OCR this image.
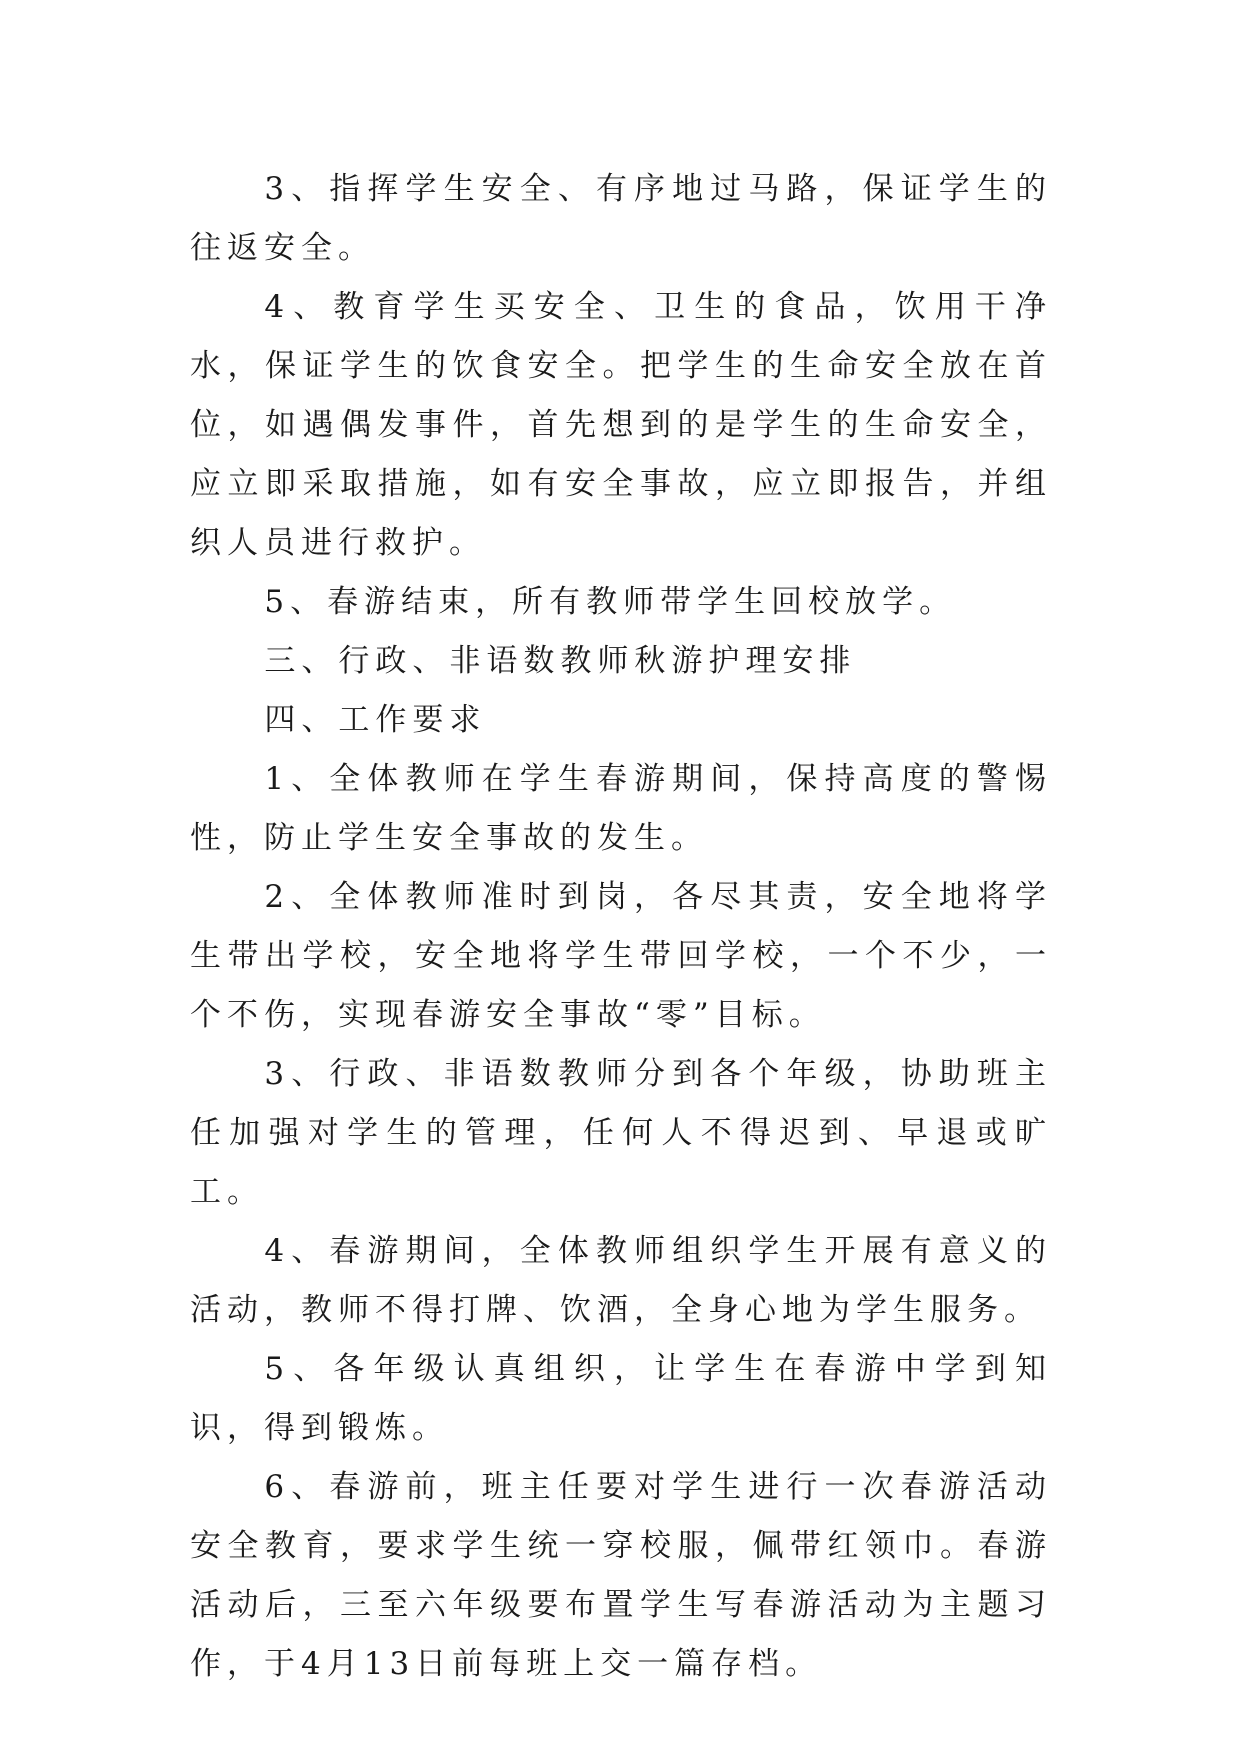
3、指挥学生安全、有序地过马路，保证学生的往返安全。

4、教育学生买安全、卫生的食品，饮用干净水，保证学生的饮食安全。把学生的生命安全放在首位，如遇偶发事件，首先想到的是学生的生命安全，应立即采取措施，如有安全事故，应立即报告，并组织人员进行救护。

5、春游结束，所有教师带学生回校放学。

三、行政、非语数教师秋游护理安排

四、工作要求

1、全体教师在学生春游期间，保持高度的警惕性，防止学生安全事故的发生。

2、全体教师准时到岗，各尽其责，安全地将学生带出学校，安全地将学生带回学校，一个不少，一个不伤，实现春游安全事故“零”目标。

3、行政、非语数教师分到各个年级，协助班主任加强对学生的管理，任何人不得迟到、早退或旷工。

4、春游期间，全体教师组织学生开展有意义的活动，教师不得打牌、饮酒，全身心地为学生服务。

5、各年级认真组织，让学生在春游中学到知识，得到锻炼。

6、春游前，班主任要对学生进行一次春游活动安全教育，要求学生统一穿校服，佩带红领巾。春游活动后，三至六年级要布置学生写春游活动为主题习作，于4月13日前每班上交一篇存档。
